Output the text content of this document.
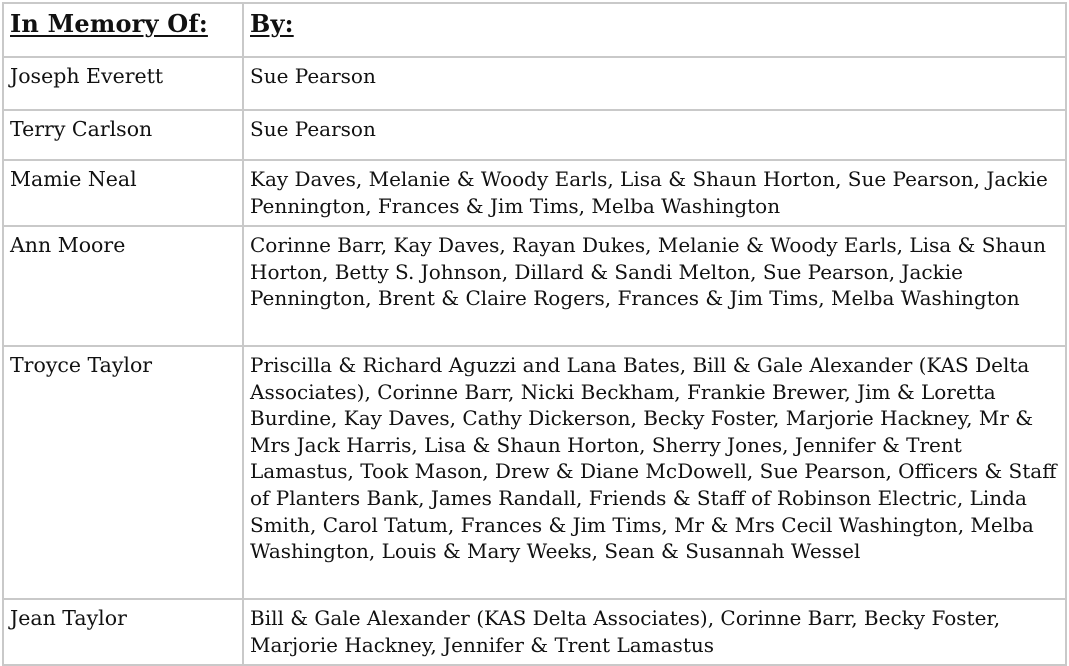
In Memory Of:	By:
Joseph Everett	Sue Pearson
Terry Carlson	Sue Pearson
Mamie Neal	Kay Daves, Melanie & Woody Earls, Lisa & Shaun Horton, Sue Pearson, Jackie Pennington, Frances & Jim Tims, Melba Washington
Ann Moore	Corinne Barr, Kay Daves, Rayan Dukes, Melanie & Woody Earls, Lisa & Shaun Horton, Betty S. Johnson, Dillard & Sandi Melton, Sue Pearson, Jackie Pennington, Brent & Claire Rogers, Frances & Jim Tims, Melba Washington
Troyce Taylor	Priscilla & Richard Aguzzi and Lana Bates, Bill & Gale Alexander (KAS Delta Associates), Corinne Barr, Nicki Beckham, Frankie Brewer, Jim & Loretta Burdine, Kay Daves, Cathy Dickerson, Becky Foster, Marjorie Hackney, Mr & Mrs Jack Harris, Lisa & Shaun Horton, Sherry Jones, Jennifer & Trent Lamastus, Took Mason, Drew & Diane McDowell, Sue Pearson, Officers & Staff of Planters Bank, James Randall, Friends & Staff of Robinson Electric, Linda Smith, Carol Tatum, Frances & Jim Tims, Mr & Mrs Cecil Washington, Melba Washington, Louis & Mary Weeks, Sean & Susannah Wessel
Jean Taylor	Bill & Gale Alexander (KAS Delta Associates), Corinne Barr, Becky Foster, Marjorie Hackney, Jennifer & Trent Lamastus
